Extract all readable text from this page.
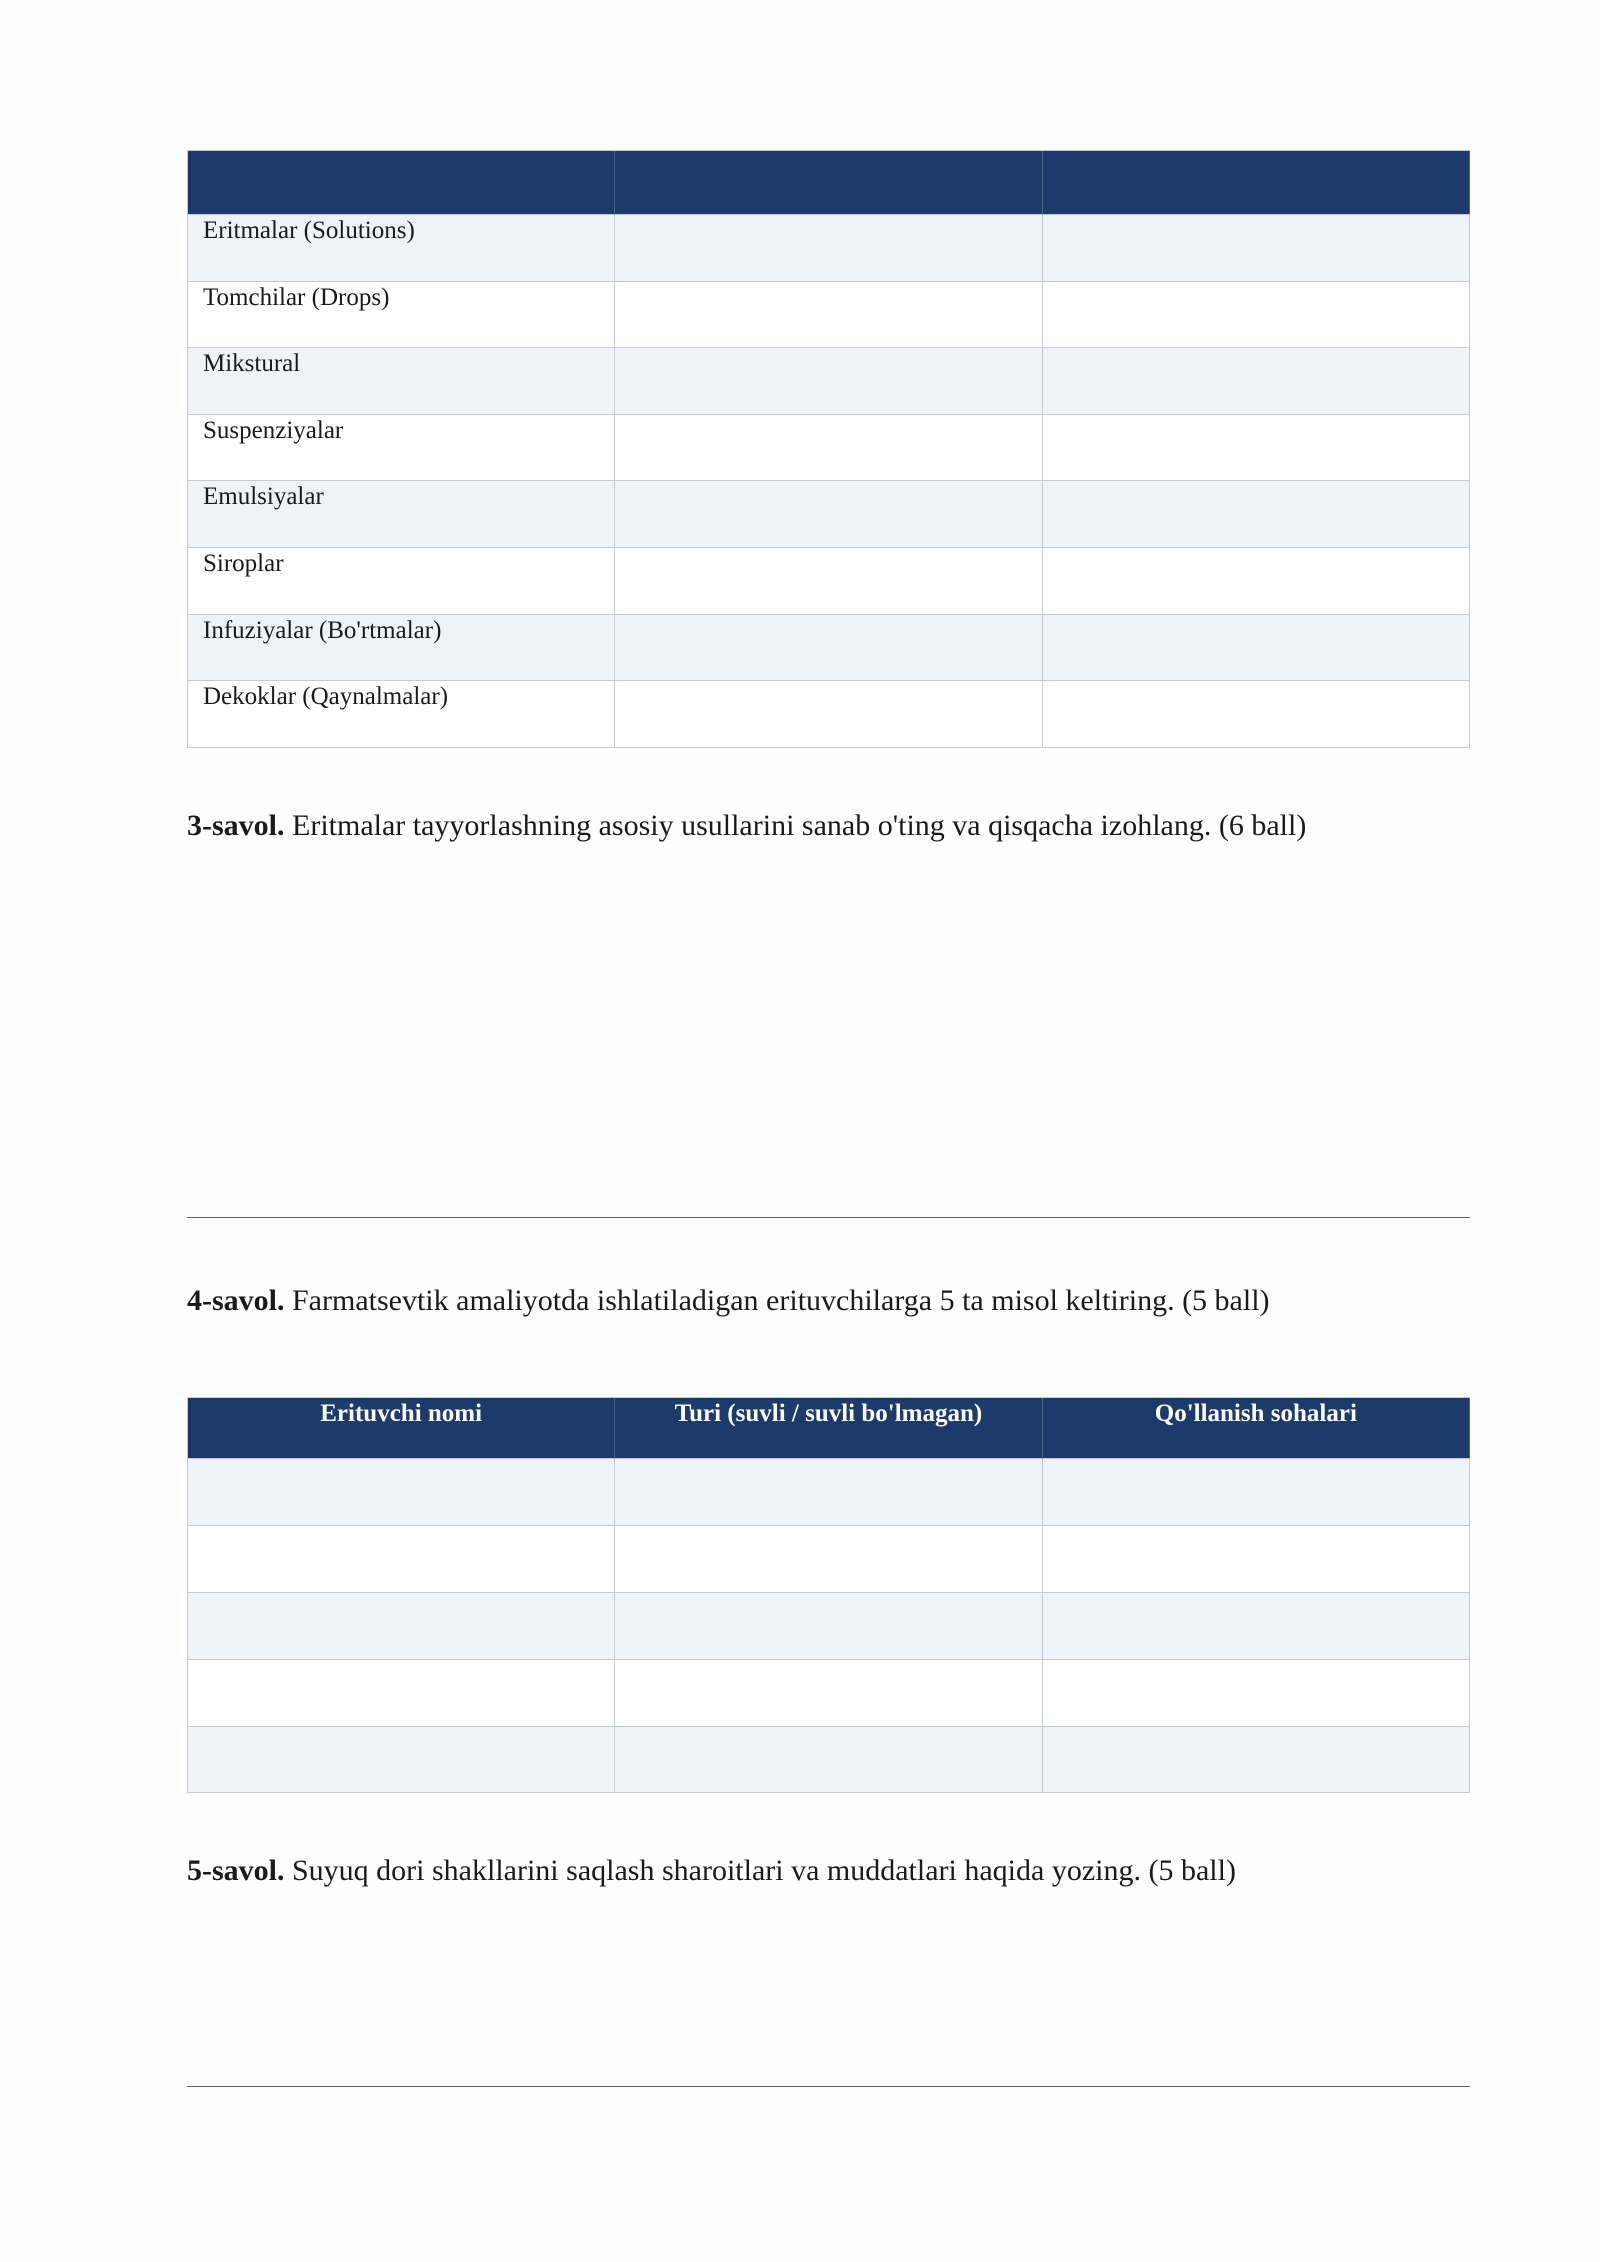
Eritmalar (Solutions)
Tomchilar (Drops)
Mikstural
Suspenziyalar
Emulsiyalar
Siroplar
Infuziyalar (Bo'rtmalar)
Dekoklar (Qaynalmalar)
3-savol. Eritmalar tayyorlashning asosiy usullarini sanab o'ting va qisqacha izohlang. (6 ball)
4-savol. Farmatsevtik amaliyotda ishlatiladigan erituvchilarga 5 ta misol keltiring. (5 ball)
Erituvchi nomi	Turi (suvli / suvli bo'lmagan)	Qo'llanish sohalari
5-savol. Suyuq dori shakllarini saqlash sharoitlari va muddatlari haqida yozing. (5 ball)
